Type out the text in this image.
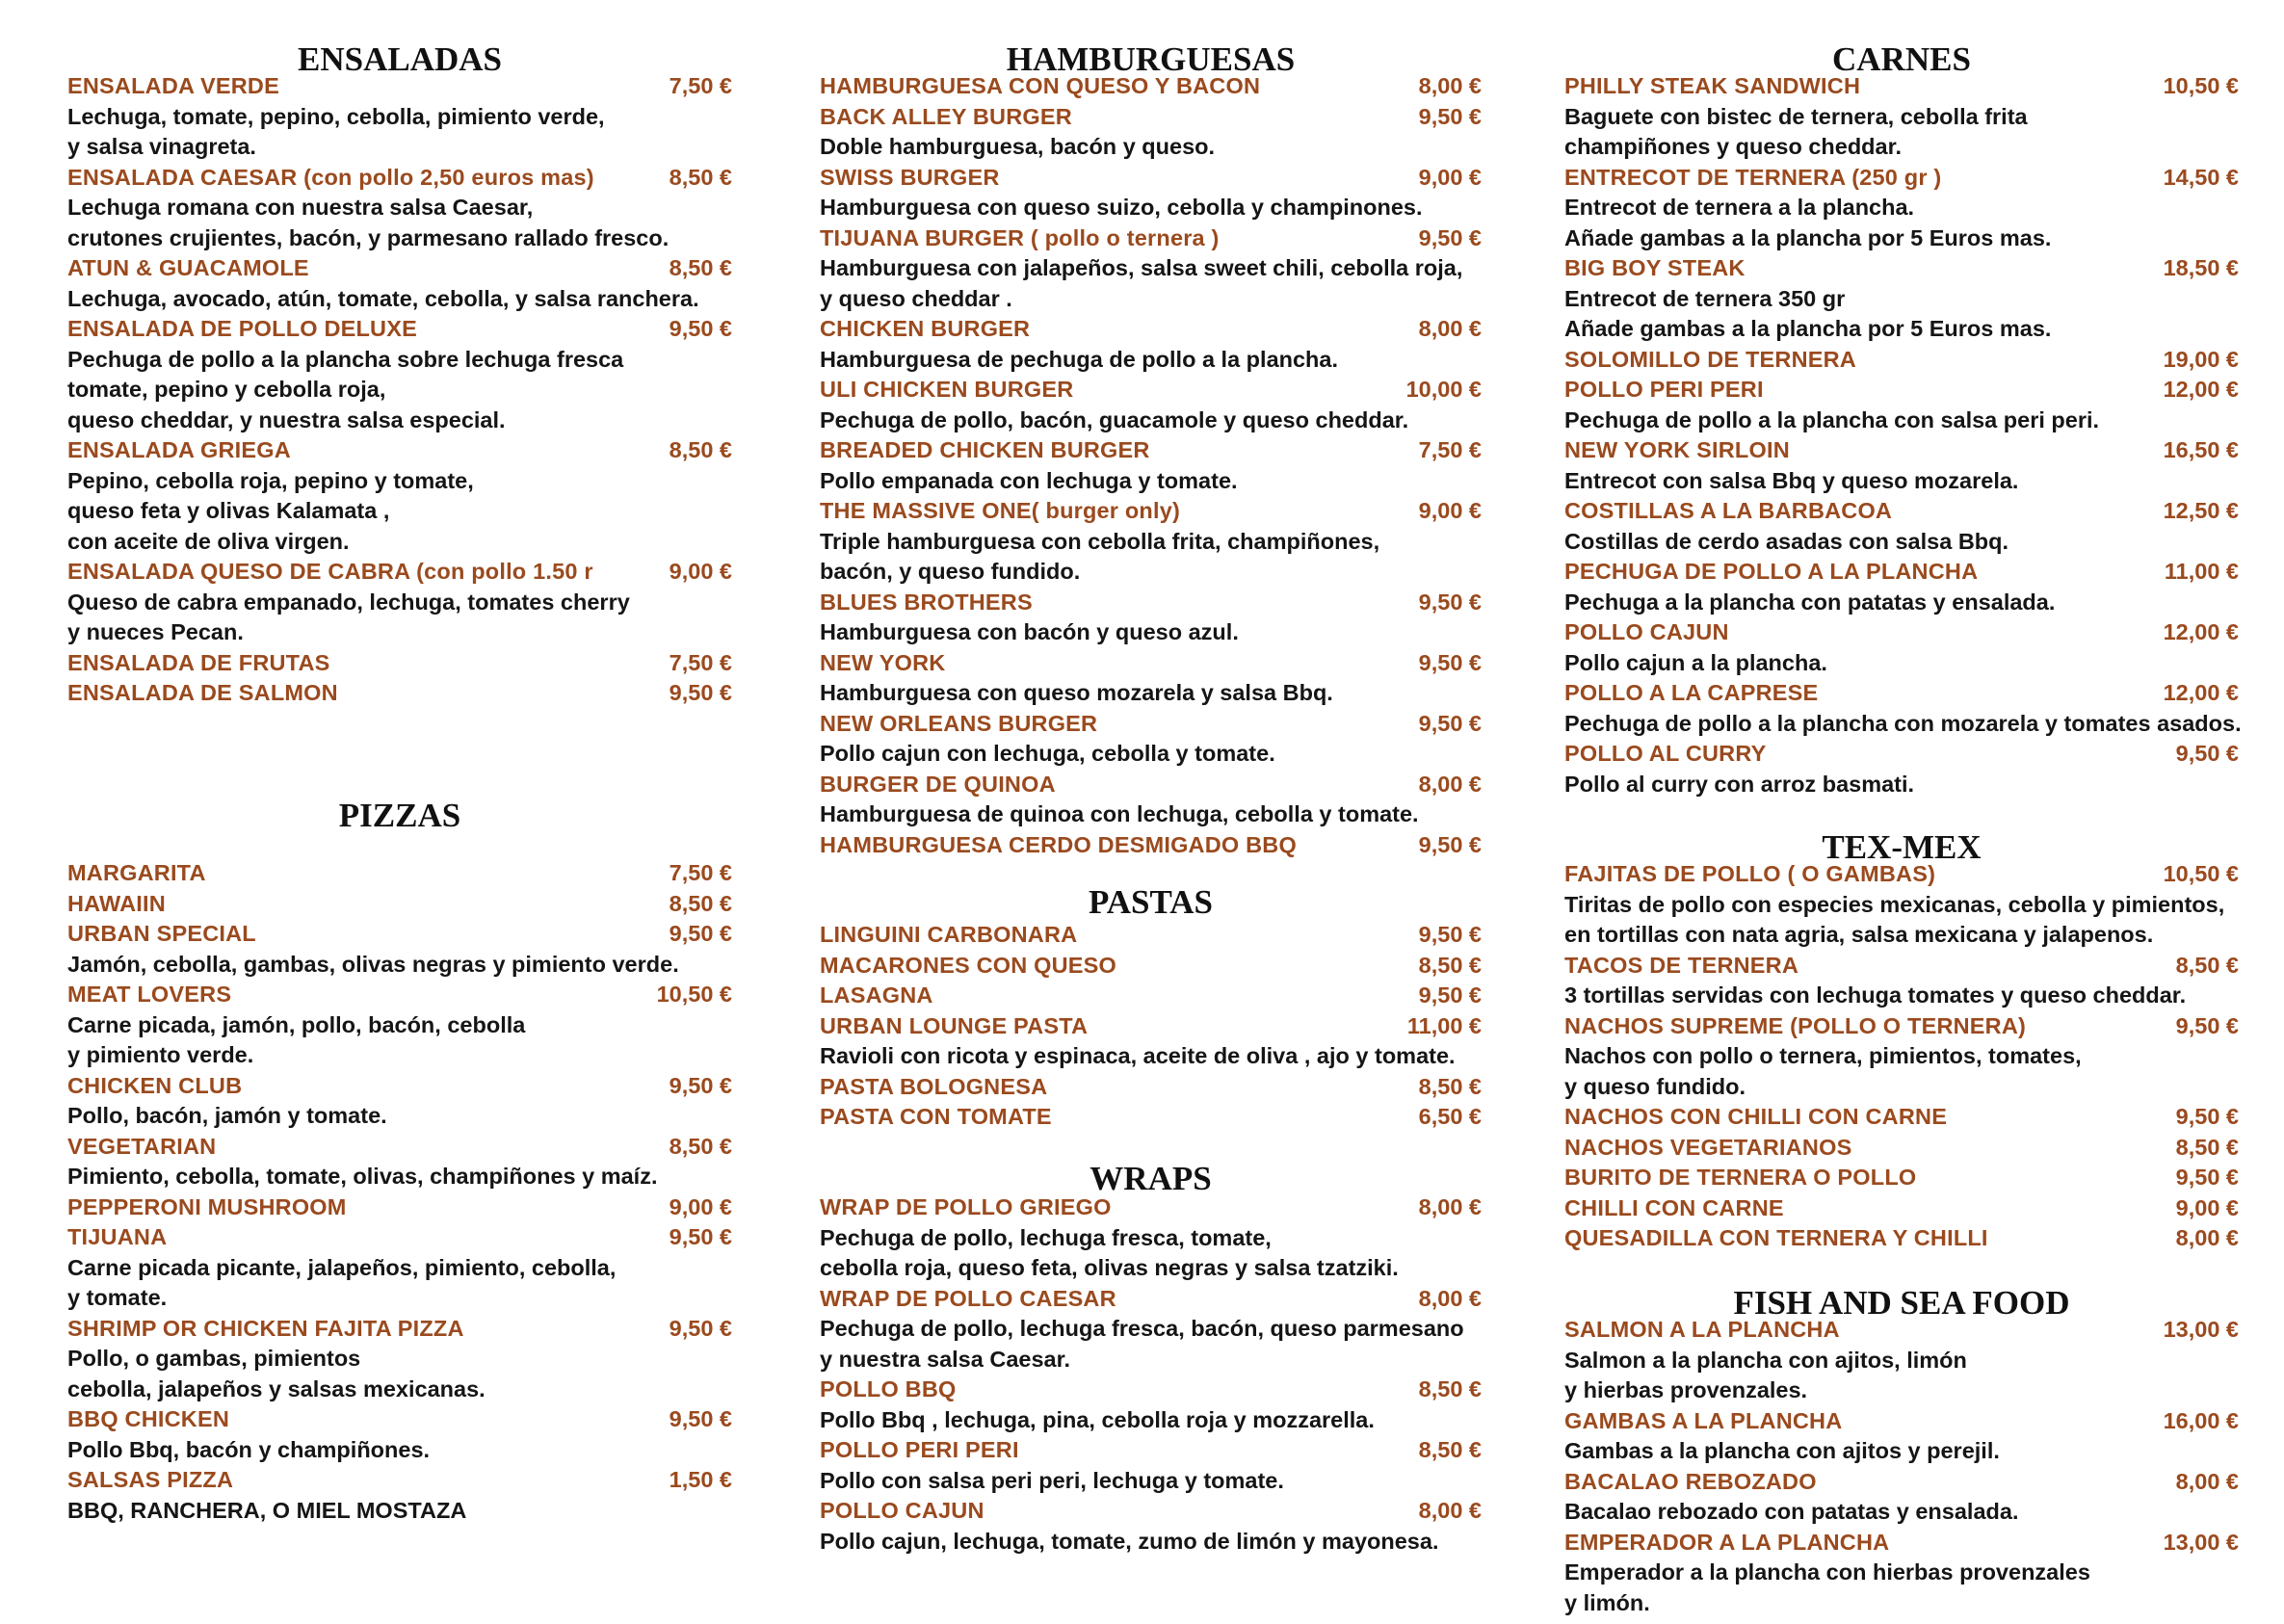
ENSALADAS
ENSALADA VERDE	7,50 €
Lechuga, tomate, pepino, cebolla, pimiento verde,
y salsa vinagreta.
ENSALADA CAESAR (con pollo 2,50 euros mas)	8,50 €
Lechuga romana con nuestra salsa Caesar,
crutones crujientes, bacón, y parmesano rallado fresco.
ATUN & GUACAMOLE	8,50 €
Lechuga, avocado, atún, tomate, cebolla, y salsa ranchera.
ENSALADA DE POLLO DELUXE	9,50 €
Pechuga de pollo a la plancha sobre lechuga fresca
tomate, pepino y cebolla roja,
queso cheddar, y nuestra salsa especial.
ENSALADA GRIEGA	8,50 €
Pepino, cebolla roja, pepino y tomate,
queso feta y olivas Kalamata ,
con aceite de oliva virgen.
ENSALADA QUESO DE CABRA (con pollo 1.50 r	9,00 €
Queso de cabra empanado, lechuga, tomates cherry
y nueces Pecan.
ENSALADA DE FRUTAS	7,50 €
ENSALADA DE SALMON	9,50 €
PIZZAS
MARGARITA	7,50 €
HAWAIIN	8,50 €
URBAN SPECIAL	9,50 €
Jamón, cebolla, gambas, olivas negras y pimiento verde.
MEAT LOVERS	10,50 €
Carne picada, jamón, pollo, bacón, cebolla
y pimiento verde.
CHICKEN CLUB	9,50 €
Pollo, bacón, jamón y tomate.
VEGETARIAN	8,50 €
Pimiento, cebolla, tomate, olivas, champiñones y maíz.
PEPPERONI MUSHROOM	9,00 €
TIJUANA	9,50 €
Carne picada picante, jalapeños, pimiento, cebolla,
y tomate.
SHRIMP OR CHICKEN FAJITA PIZZA	9,50 €
Pollo, o gambas, pimientos
cebolla, jalapeños y salsas mexicanas.
BBQ CHICKEN	9,50 €
Pollo Bbq, bacón y champiñones.
SALSAS PIZZA	1,50 €
BBQ, RANCHERA, O MIEL MOSTAZA
HAMBURGUESAS
HAMBURGUESA CON QUESO Y BACON	8,00 €
BACK ALLEY BURGER	9,50 €
Doble hamburguesa, bacón y queso.
SWISS BURGER	9,00 €
Hamburguesa con queso suizo, cebolla y champinones.
TIJUANA BURGER ( pollo o ternera )	9,50 €
Hamburguesa con jalapeños, salsa sweet chili, cebolla roja,
y queso cheddar .
CHICKEN BURGER	8,00 €
Hamburguesa de pechuga de pollo a la plancha.
ULI CHICKEN BURGER	10,00 €
Pechuga de pollo, bacón, guacamole y queso cheddar.
BREADED CHICKEN BURGER	7,50 €
Pollo empanada con lechuga y tomate.
THE MASSIVE ONE( burger only)	9,00 €
Triple hamburguesa con cebolla frita, champiñones,
bacón, y queso fundido.
BLUES BROTHERS	9,50 €
Hamburguesa con bacón y queso azul.
NEW YORK	9,50 €
Hamburguesa con queso mozarela y salsa Bbq.
NEW ORLEANS BURGER	9,50 €
Pollo cajun con lechuga, cebolla y tomate.
BURGER DE QUINOA	8,00 €
Hamburguesa de quinoa con lechuga, cebolla y tomate.
HAMBURGUESA CERDO DESMIGADO BBQ	9,50 €
PASTAS
LINGUINI CARBONARA	9,50 €
MACARONES CON QUESO	8,50 €
LASAGNA	9,50 €
URBAN LOUNGE PASTA	11,00 €
Ravioli con ricota y espinaca, aceite de oliva , ajo y tomate.
PASTA BOLOGNESA	8,50 €
PASTA CON TOMATE	6,50 €
WRAPS
WRAP DE POLLO GRIEGO	8,00 €
Pechuga de pollo, lechuga fresca, tomate,
cebolla roja, queso feta, olivas negras y salsa tzatziki.
WRAP DE POLLO CAESAR	8,00 €
Pechuga de pollo, lechuga fresca, bacón, queso parmesano
y nuestra salsa Caesar.
POLLO BBQ	8,50 €
Pollo Bbq , lechuga, pina, cebolla roja y mozzarella.
POLLO PERI PERI	8,50 €
Pollo con salsa peri peri, lechuga y tomate.
POLLO CAJUN	8,00 €
Pollo cajun, lechuga, tomate, zumo de limón y mayonesa.
CARNES
PHILLY STEAK SANDWICH	10,50 €
Baguete con bistec de ternera, cebolla frita
champiñones y queso cheddar.
ENTRECOT DE TERNERA (250 gr )	14,50 €
Entrecot de ternera a la plancha.
Añade gambas a la plancha por 5 Euros mas.
BIG BOY STEAK	18,50 €
Entrecot de ternera 350 gr
Añade gambas a la plancha por 5 Euros mas.
SOLOMILLO DE TERNERA	19,00 €
POLLO PERI PERI	12,00 €
Pechuga de pollo a la plancha con salsa peri peri.
NEW YORK SIRLOIN	16,50 €
Entrecot con salsa Bbq y queso mozarela.
COSTILLAS A LA BARBACOA	12,50 €
Costillas de cerdo asadas con salsa Bbq.
PECHUGA DE POLLO A LA PLANCHA	11,00 €
Pechuga a la plancha con patatas y ensalada.
POLLO CAJUN	12,00 €
Pollo cajun a la plancha.
POLLO A LA CAPRESE	12,00 €
Pechuga de pollo a la plancha con mozarela y tomates asados.
POLLO AL CURRY	9,50 €
Pollo al curry con arroz basmati.
TEX-MEX
FAJITAS DE POLLO ( O GAMBAS)	10,50 €
Tiritas de pollo con especies mexicanas, cebolla y pimientos,
en tortillas con nata agria, salsa mexicana y jalapenos.
TACOS DE TERNERA	8,50 €
3 tortillas servidas con lechuga tomates y queso cheddar.
NACHOS SUPREME (POLLO O TERNERA)	9,50 €
Nachos con pollo o ternera, pimientos, tomates,
y queso fundido.
NACHOS CON CHILLI CON CARNE	9,50 €
NACHOS VEGETARIANOS	8,50 €
BURITO DE TERNERA O POLLO	9,50 €
CHILLI CON CARNE	9,00 €
QUESADILLA CON TERNERA Y CHILLI	8,00 €
FISH AND SEA FOOD
SALMON A LA PLANCHA	13,00 €
Salmon a la plancha con ajitos, limón
y hierbas provenzales.
GAMBAS A LA PLANCHA	16,00 €
Gambas a la plancha con ajitos y perejil.
BACALAO REBOZADO	8,00 €
Bacalao rebozado con patatas y ensalada.
EMPERADOR A LA PLANCHA	13,00 €
Emperador a la plancha con hierbas provenzales
y limón.
